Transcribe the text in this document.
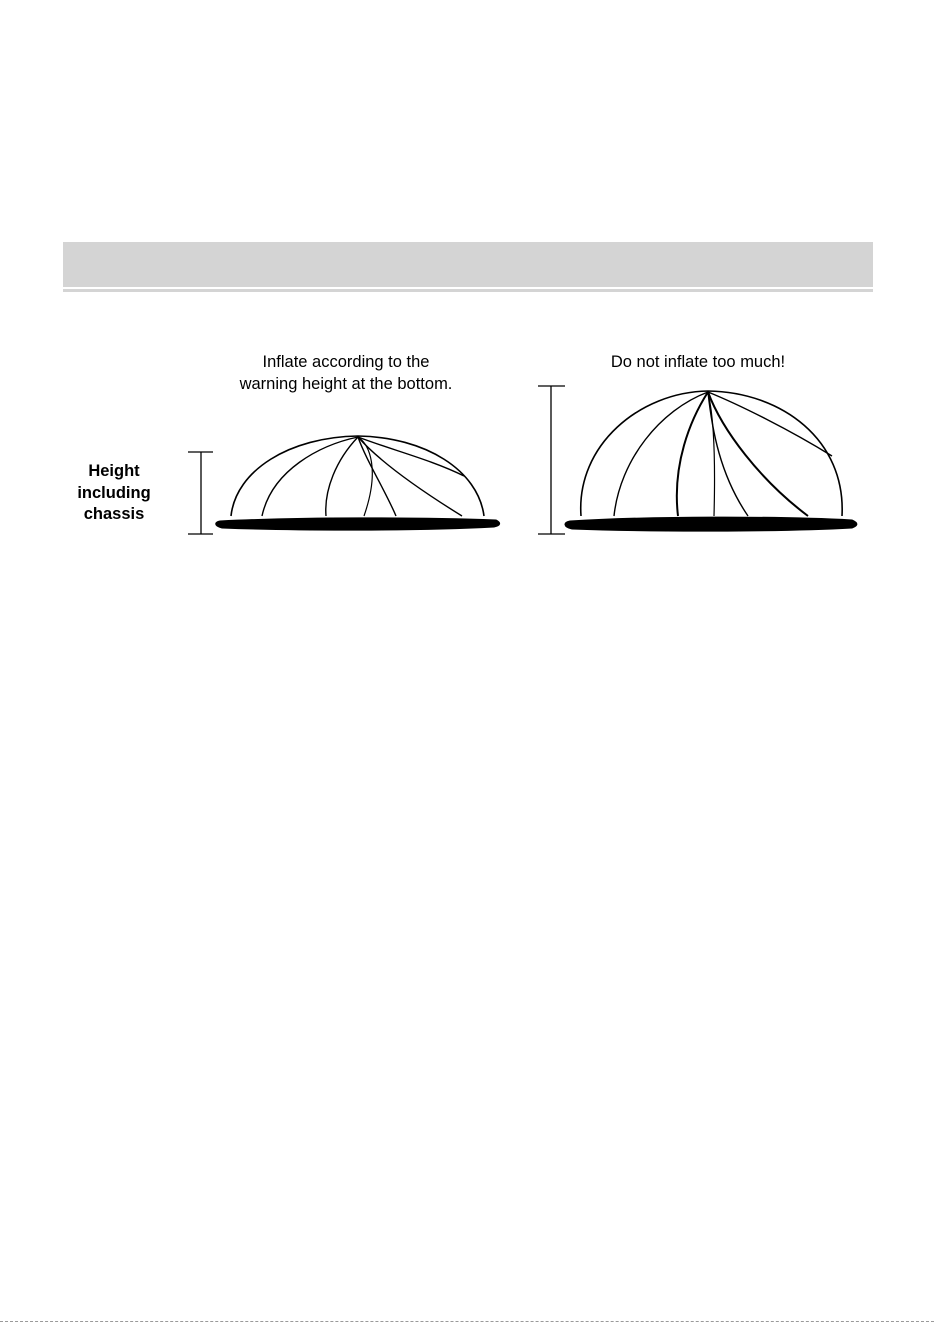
Inflate according to the
warning height at the bottom.
Do not inflate too much!
Height
including
chassis
